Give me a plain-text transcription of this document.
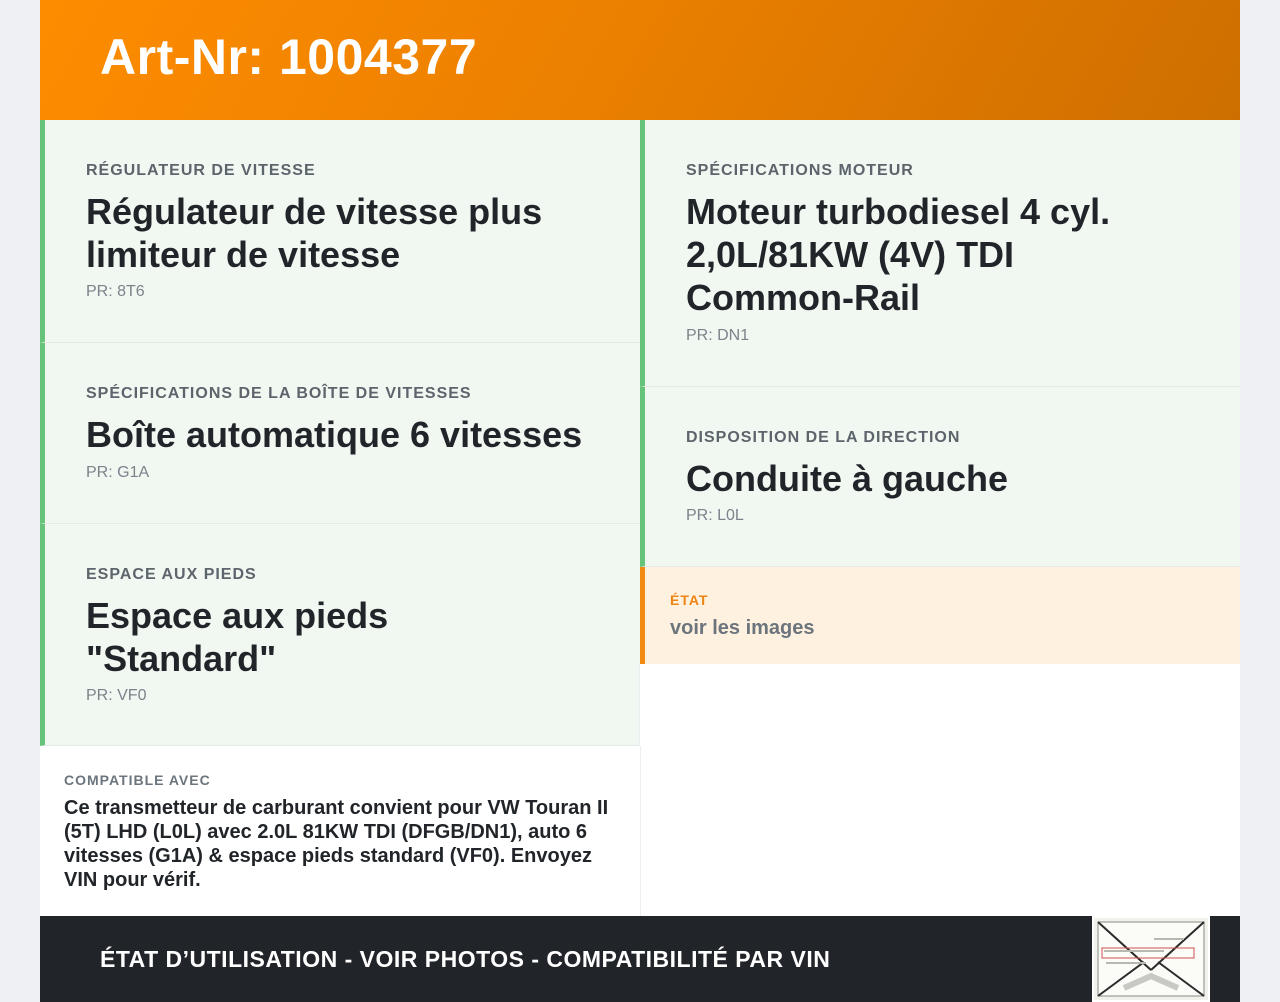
Art-Nr: 1004377
RÉGULATEUR DE VITESSE
Régulateur de vitesse plus limiteur de vitesse
PR: 8T6
SPÉCIFICATIONS DE LA BOÎTE DE VITESSES
Boîte automatique 6 vitesses
PR: G1A
ESPACE AUX PIEDS
Espace aux pieds "Standard"
PR: VF0
SPÉCIFICATIONS MOTEUR
Moteur turbodiesel 4 cyl. 2,0L/81KW (4V) TDI Common-Rail
PR: DN1
DISPOSITION DE LA DIRECTION
Conduite à gauche
PR: L0L
ÉTAT
voir les images
COMPATIBLE AVEC
Ce transmetteur de carburant convient pour VW Touran II (5T) LHD (L0L) avec 2.0L 81KW TDI (DFGB/DN1), auto 6 vitesses (G1A) & espace pieds standard (VF0). Envoyez VIN pour vérif.
ÉTAT D’UTILISATION - VOIR PHOTOS - COMPATIBILITÉ PAR VIN
